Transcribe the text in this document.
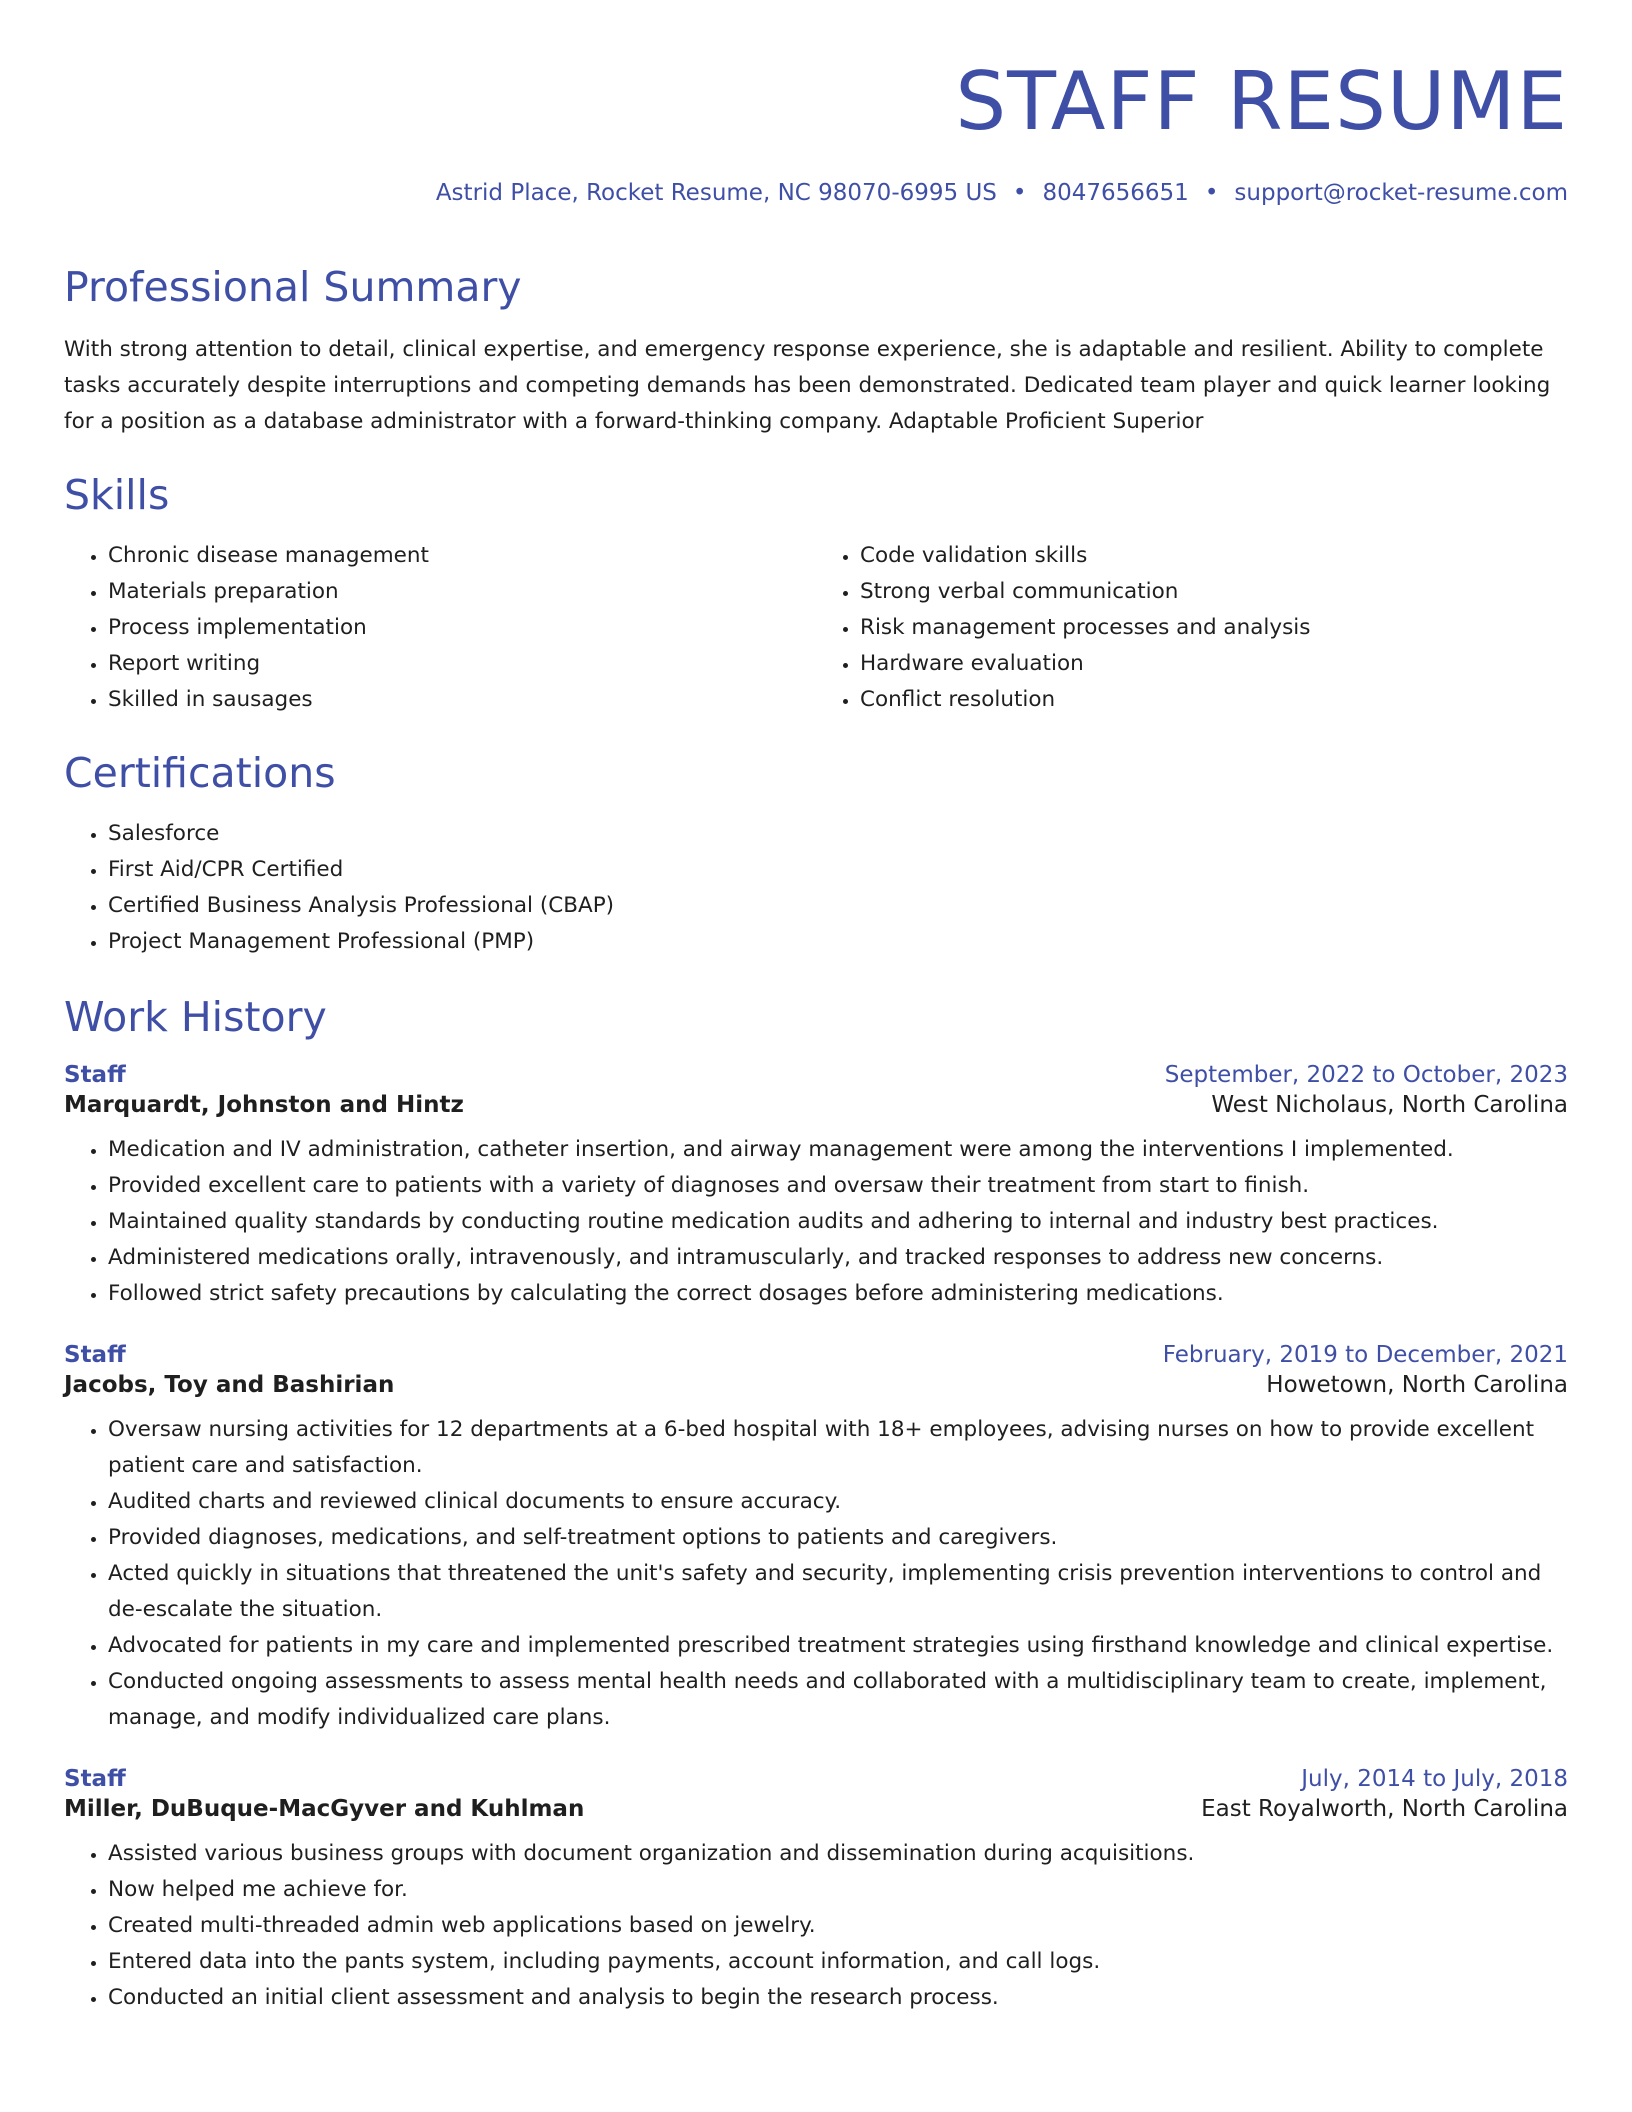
STAFF RESUME
Astrid Place, Rocket Resume, NC 98070-6995 US • 8047656651 • support@rocket-resume.com
Professional Summary

With strong attention to detail, clinical expertise, and emergency response experience, she is adaptable and resilient. Ability to complete tasks accurately despite interruptions and competing demands has been demonstrated. Dedicated team player and quick learner looking for a position as a database administrator with a forward-thinking company. Adaptable Proficient Superior

Skills
• Chronic disease management
• Materials preparation
• Process implementation
• Report writing
• Skilled in sausages
• Code validation skills
• Strong verbal communication
• Risk management processes and analysis
• Hardware evaluation
• Conflict resolution
Certifications
• Salesforce
• First Aid/CPR Certified
• Certified Business Analysis Professional (CBAP)
• Project Management Professional (PMP)
Work History
Staff	September, 2022 to October, 2023
Marquardt, Johnston and Hintz	West Nicholaus, North Carolina
• Medication and IV administration, catheter insertion, and airway management were among the interventions I implemented.
• Provided excellent care to patients with a variety of diagnoses and oversaw their treatment from start to finish.
• Maintained quality standards by conducting routine medication audits and adhering to internal and industry best practices.
• Administered medications orally, intravenously, and intramuscularly, and tracked responses to address new concerns.
• Followed strict safety precautions by calculating the correct dosages before administering medications.
Staff	February, 2019 to December, 2021
Jacobs, Toy and Bashirian	Howetown, North Carolina
• Oversaw nursing activities for 12 departments at a 6-bed hospital with 18+ employees, advising nurses on how to provide excellent patient care and satisfaction.
• Audited charts and reviewed clinical documents to ensure accuracy.
• Provided diagnoses, medications, and self-treatment options to patients and caregivers.
• Acted quickly in situations that threatened the unit's safety and security, implementing crisis prevention interventions to control and de-escalate the situation.
• Advocated for patients in my care and implemented prescribed treatment strategies using firsthand knowledge and clinical expertise.
• Conducted ongoing assessments to assess mental health needs and collaborated with a multidisciplinary team to create, implement, manage, and modify individualized care plans.
Staff	July, 2014 to July, 2018
Miller, DuBuque-MacGyver and Kuhlman	East Royalworth, North Carolina
• Assisted various business groups with document organization and dissemination during acquisitions.
• Now helped me achieve for.
• Created multi-threaded admin web applications based on jewelry.
• Entered data into the pants system, including payments, account information, and call logs.
• Conducted an initial client assessment and analysis to begin the research process.
